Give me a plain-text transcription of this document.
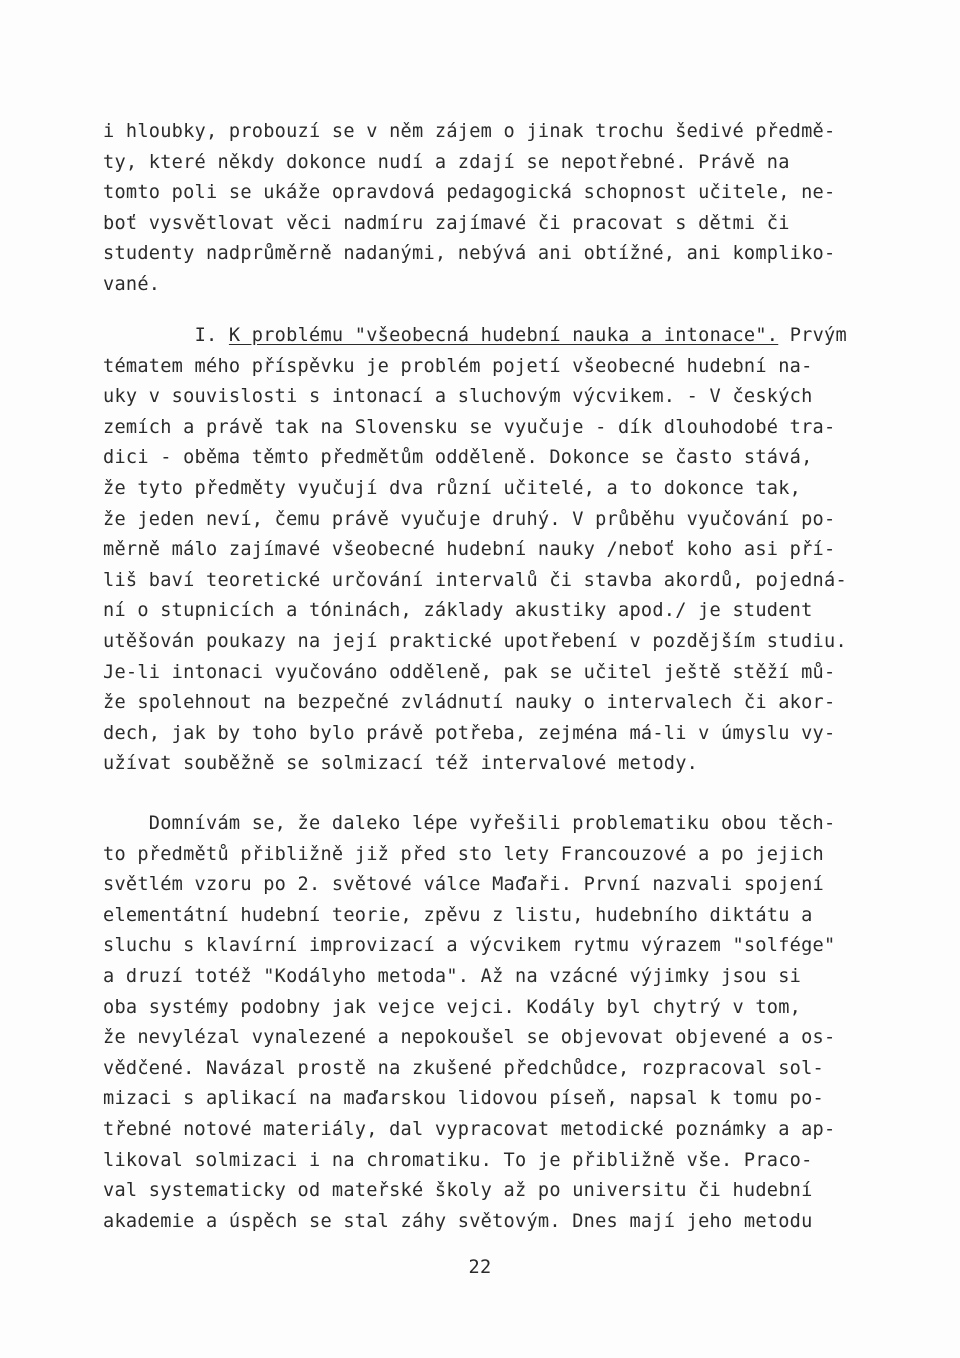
i hloubky, probouzí se v něm zájem o jinak trochu šedivé předmě-
ty, které někdy dokonce nudí a zdají se nepotřebné. Právě na
tomto poli se ukáže opravdová pedagogická schopnost učitele, ne-
boť vysvětlovat věci nadmíru zajímavé či pracovat s dětmi či
studenty nadprůměrně nadanými, nebývá ani obtížné, ani kompliko-
vané.
I. K problému "všeobecná hudební nauka a intonace". Prvým
tématem mého příspěvku je problém pojetí všeobecné hudební na-
uky v souvislosti s intonací a sluchovým výcvikem. - V českých
zemích a právě tak na Slovensku se vyučuje - dík dlouhodobé tra-
dici - oběma těmto předmětům odděleně. Dokonce se často stává,
že tyto předměty vyučují dva různí učitelé, a to dokonce tak,
že jeden neví, čemu právě vyučuje druhý. V průběhu vyučování po-
měrně málo zajímavé všeobecné hudební nauky /neboť koho asi pří-
liš baví teoretické určování intervalů či stavba akordů, pojedná-
ní o stupnicích a tóninách, základy akustiky apod./ je student
utěšován poukazy na její praktické upotřebení v pozdějším studiu.
Je-li intonaci vyučováno odděleně, pak se učitel ještě stěží mů-
že spolehnout na bezpečné zvládnutí nauky o intervalech či akor-
dech, jak by toho bylo právě potřeba, zejména má-li v úmyslu vy-
užívat souběžně se solmizací též intervalové metody.
Domnívám se, že daleko lépe vyřešili problematiku obou těch-
to předmětů přibližně již před sto lety Francouzové a po jejich
světlém vzoru po 2. světové válce Maďaři. První nazvali spojení
elementátní hudební teorie, zpěvu z listu, hudebního diktátu a
sluchu s klavírní improvizací a výcvikem rytmu výrazem "solfége"
a druzí totéž "Kodályho metoda". Až na vzácné výjimky jsou si
oba systémy podobny jak vejce vejci. Kodály byl chytrý v tom,
že nevylézal vynalezené a nepokoušel se objevovat objevené a os-
vědčené. Navázal prostě na zkušené předchůdce, rozpracoval sol-
mizaci s aplikací na maďarskou lidovou píseň, napsal k tomu po-
třebné notové materiály, dal vypracovat metodické poznámky a ap-
likoval solmizaci i na chromatiku. To je přibližně vše. Praco-
val systematicky od mateřské školy až po universitu či hudební
akademie a úspěch se stal záhy světovým. Dnes mají jeho metodu
22
